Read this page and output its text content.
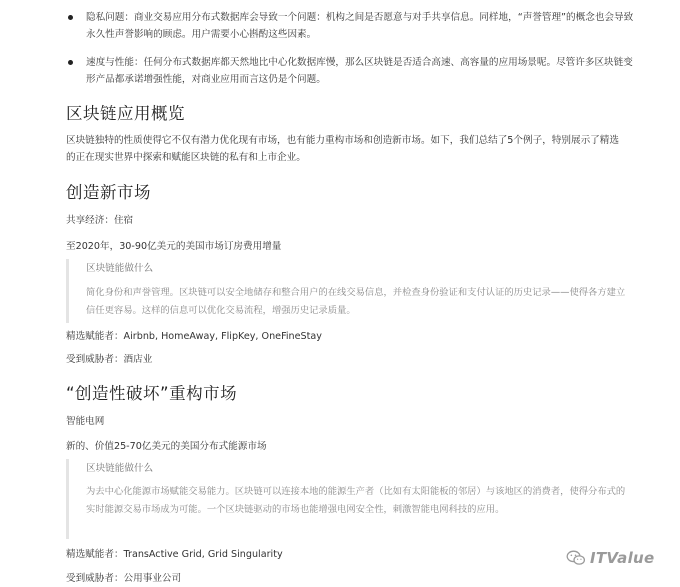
隐私问题：商业交易应用分布式数据库会导致一个问题：机构之间是否愿意与对手共享信息。同样地，“声誉管理”的概念也会导致永久性声誉影响的顾虑。用户需要小心斟酌这些因素。
速度与性能：任何分布式数据库都天然地比中心化数据库慢，那么区块链是否适合高速、高容量的应用场景呢。尽管许多区块链变形产品都承诺增强性能，对商业应用而言这仍是个问题。
区块链应用概览

区块链独特的性质使得它不仅有潜力优化现有市场，也有能力重构市场和创造新市场。如下，我们总结了5个例子，特别展示了精选的正在现实世界中探索和赋能区块链的私有和上市企业。

创造新市场

共享经济：住宿

至2020年，30-90亿美元的美国市场订房费用增量

区块链能做什么

简化身份和声誉管理。区块链可以安全地储存和整合用户的在线交易信息，并检查身份验证和支付认证的历史记录——使得各方建立信任更容易。这样的信息可以优化交易流程，增强历史记录质量。

精选赋能者：Airbnb, HomeAway, FlipKey, OneFineStay

受到威胁者：酒店业

“创造性破坏”重构市场

智能电网

新的、价值25-70亿美元的美国分布式能源市场

区块链能做什么

为去中心化能源市场赋能交易能力。区块链可以连接本地的能源生产者（比如有太阳能板的邻居）与该地区的消费者，使得分布式的实时能源交易市场成为可能。一个区块链驱动的市场也能增强电网安全性，刺激智能电网科技的应用。

精选赋能者：TransActive Grid, Grid Singularity

受到威胁者：公用事业公司

ITValue
